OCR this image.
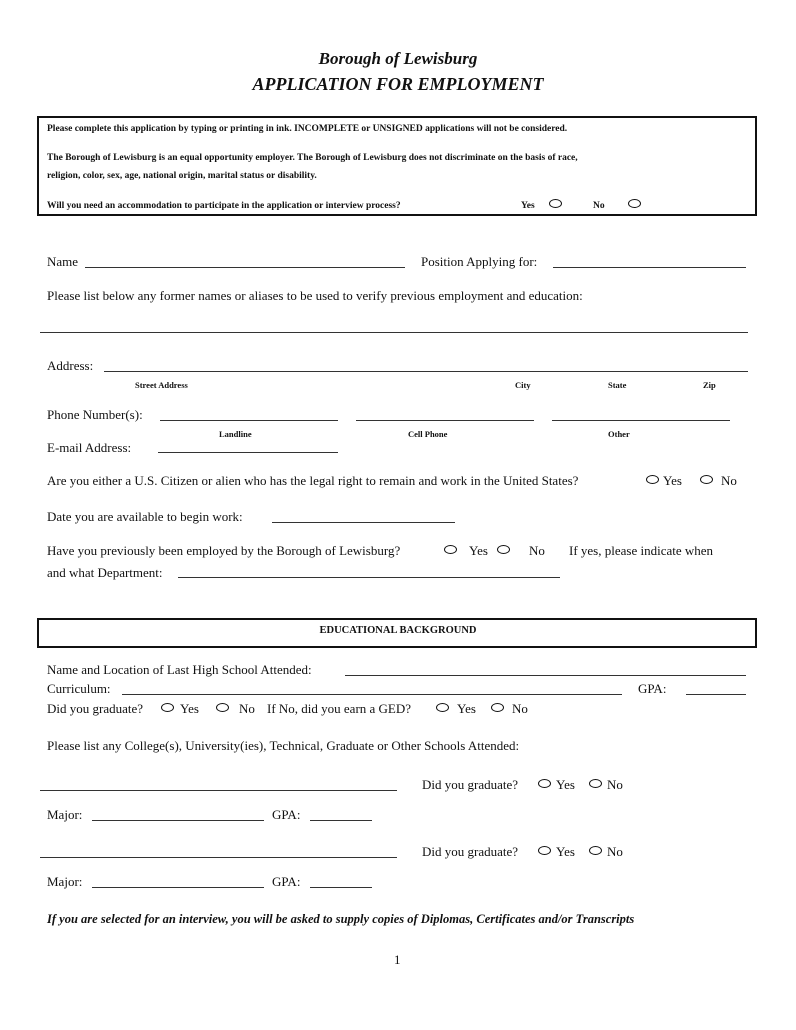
Borough of Lewisburg
APPLICATION FOR EMPLOYMENT
Please complete this application by typing or printing in ink. INCOMPLETE or UNSIGNED applications will not be considered.
The Borough of Lewisburg is an equal opportunity employer. The Borough of Lewisburg does not discriminate on the basis of race,
religion, color, sex, age, national origin, marital status or disability.
Will you need an accommodation to participate in the application or interview process?	Yes	No
Name	Position Applying for:
Please list below any former names or aliases to be used to verify previous employment and education:
Address:
Street Address	City	State	Zip
Phone Number(s):
Landline	Cell Phone	Other
E-mail Address:
Are you either a U.S. Citizen or alien who has the legal right to remain and work in the United States?	Yes	No
Date you are available to begin work:
Have you previously been employed by the Borough of Lewisburg?	Yes	No If yes, please indicate when
and what Department:
EDUCATIONAL BACKGROUND
Name and Location of Last High School Attended:
Curriculum:	GPA:
Did you graduate?	Yes	No If No, did you earn a GED?	Yes	No
Please list any College(s), University(ies), Technical, Graduate or Other Schools Attended:
Did you graduate?	Yes No
Major:	GPA:
Did you graduate?	Yes No
Major:	GPA:
If you are selected for an interview, you will be asked to supply copies of Diplomas, Certificates and/or Transcripts
1
